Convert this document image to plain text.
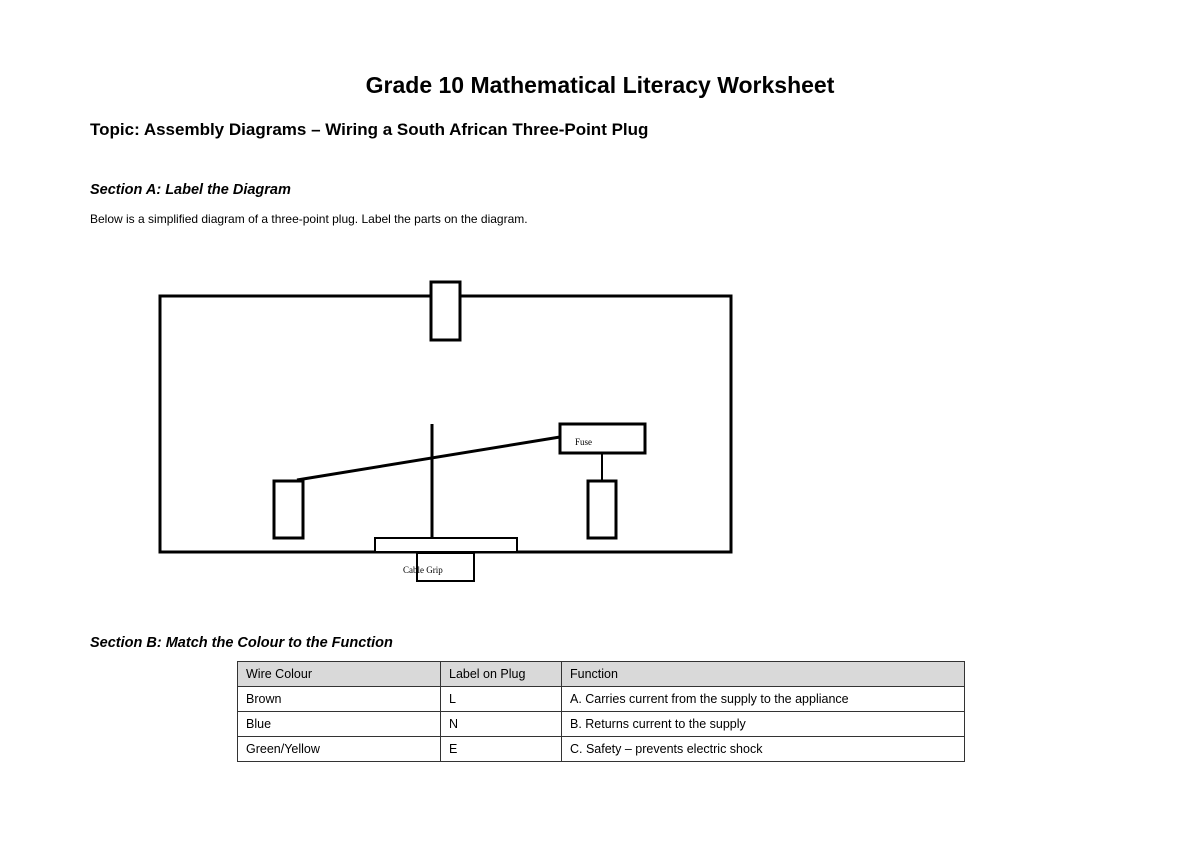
Grade 10 Mathematical Literacy Worksheet
Topic: Assembly Diagrams – Wiring a South African Three-Point Plug
Section A: Label the Diagram
Below is a simplified diagram of a three-point plug. Label the parts on the diagram.
Fuse
Cable Grip
Section B: Match the Colour to the Function
Wire Colour	Label on Plug	Function
Brown	L	A. Carries current from the supply to the appliance
Blue	N	B. Returns current to the supply
Green/Yellow	E	C. Safety – prevents electric shock
